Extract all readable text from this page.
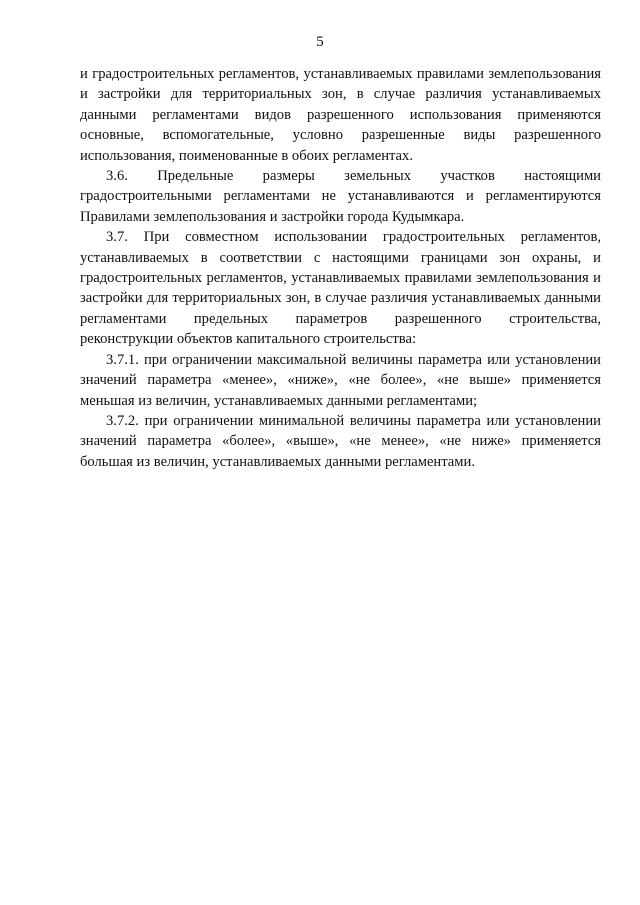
5

и градостроительных регламентов, устанавливаемых правилами землепользования и застройки для территориальных зон, в случае различия устанавливаемых данными регламентами видов разрешенного использования применяются основные, вспомогательные, условно разрешенные виды разрешенного использования, поименованные в обоих регламентах.

3.6. Предельные размеры земельных участков настоящими градостроительными регламентами не устанавливаются и регламентируются Правилами землепользования и застройки города Кудымкара.

3.7. При совместном использовании градостроительных регламентов, устанавливаемых в соответствии с настоящими границами зон охраны, и градостроительных регламентов, устанавливаемых правилами землепользования и застройки для территориальных зон, в случае различия устанавливаемых данными регламентами предельных параметров разрешенного строительства, реконструкции объектов капитального строительства:

3.7.1. при ограничении максимальной величины параметра или установлении значений параметра «менее», «ниже», «не более», «не выше» применяется меньшая из величин, устанавливаемых данными регламентами;

3.7.2. при ограничении минимальной величины параметра или установлении значений параметра «более», «выше», «не менее», «не ниже» применяется большая из величин, устанавливаемых данными регламентами.
